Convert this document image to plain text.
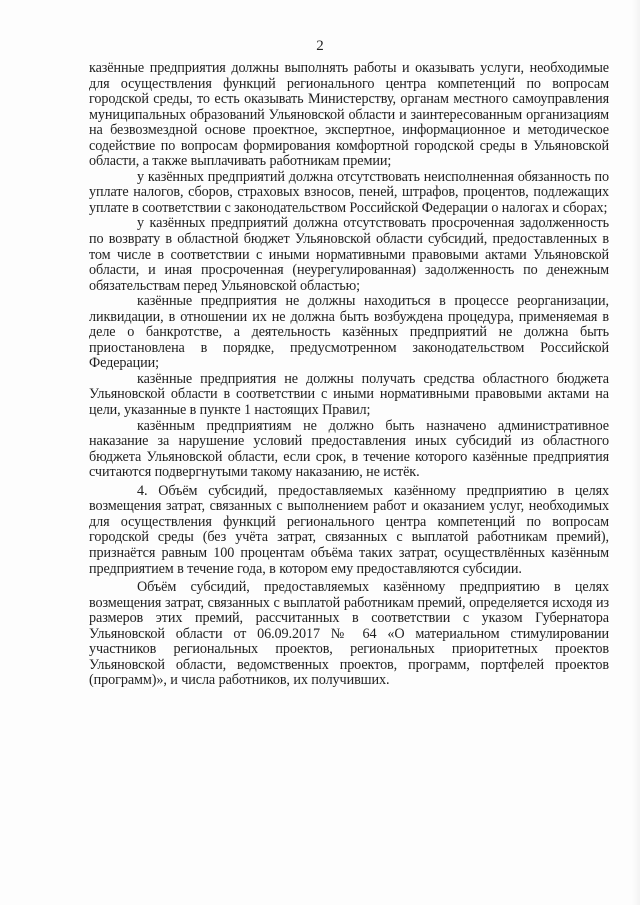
2

казённые предприятия должны выполнять работы и оказывать услуги, необходимые для осуществления функций регионального центра компетенций по вопросам городской среды, то есть оказывать Министерству, органам местного самоуправления муниципальных образований Ульяновской области и заинтересованным организациям на безвозмездной основе проектное, экспертное, информационное и методическое содействие по вопросам формирования комфортной городской среды в Ульяновской области, а также выплачивать работникам премии;

у казённых предприятий должна отсутствовать неисполненная обязанность по уплате налогов, сборов, страховых взносов, пеней, штрафов, процентов, подлежащих уплате в соответствии с законодательством Российской Федерации о налогах и сборах;

у казённых предприятий должна отсутствовать просроченная задолженность по возврату в областной бюджет Ульяновской области субсидий, предоставленных в том числе в соответствии с иными нормативными правовыми актами Ульяновской области, и иная просроченная (неурегулированная) задолженность по денежным обязательствам перед Ульяновской областью;

казённые предприятия не должны находиться в процессе реорганизации, ликвидации, в отношении их не должна быть возбуждена процедура, применяемая в деле о банкротстве, а деятельность казённых предприятий не должна быть приостановлена в порядке, предусмотренном законодательством Российской Федерации;

казённые предприятия не должны получать средства областного бюджета Ульяновской области в соответствии с иными нормативными правовыми актами на цели, указанные в пункте 1 настоящих Правил;

казённым предприятиям не должно быть назначено административное наказание за нарушение условий предоставления иных субсидий из областного бюджета Ульяновской области, если срок, в течение которого казённые предприятия считаются подвергнутыми такому наказанию, не истёк.

4. Объём субсидий, предоставляемых казённому предприятию в целях возмещения затрат, связанных с выполнением работ и оказанием услуг, необходимых для осуществления функций регионального центра компетенций по вопросам городской среды (без учёта затрат, связанных с выплатой работникам премий), признаётся равным 100 процентам объёма таких затрат, осуществлённых казённым предприятием в течение года, в котором ему предоставляются субсидии.

Объём субсидий, предоставляемых казённому предприятию в целях возмещения затрат, связанных с выплатой работникам премий, определяется исходя из размеров этих премий, рассчитанных в соответствии с указом Губернатора Ульяновской области от 06.09.2017 № 64 «О материальном стимулировании участников региональных проектов, региональных приоритетных проектов Ульяновской области, ведомственных проектов, программ, портфелей проектов (программ)», и числа работников, их получивших.
